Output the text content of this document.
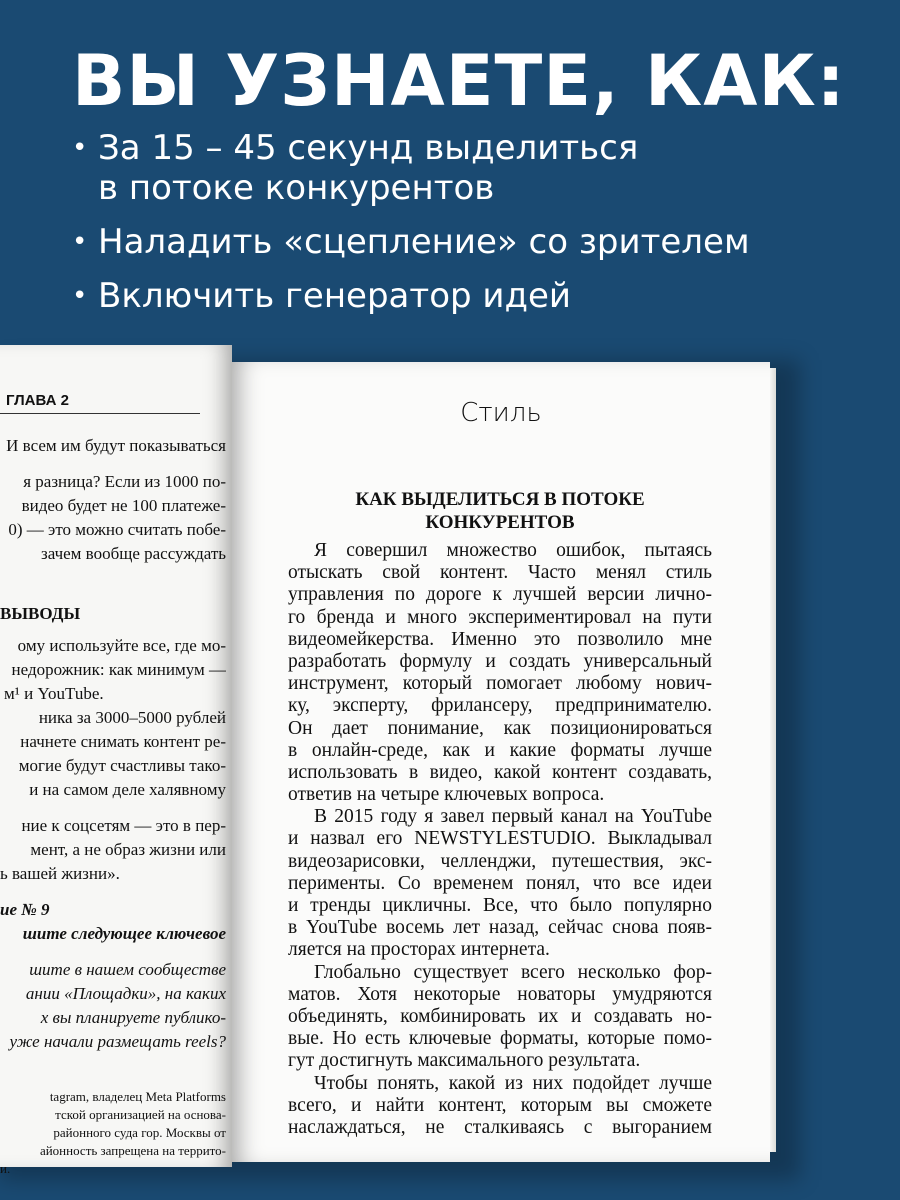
ВЫ УЗНАЕТЕ, КАК:
• За 15 – 45 секунд выделиться
в потоке конкурентов
• Наладить «сцепление» со зрителем
• Включить генератор идей
ГЛАВА 2
И всем им будут показываться
я разница? Если из 1000 по-
видео будет не 100 платеже-
0) — это можно считать побе-
зачем вообще рассуждать
ВЫВОДЫ
ому используйте все, где мо-
недорожник: как минимум —
м¹ и YouTube.
ника за 3000–5000 рублей
начнете снимать контент ре-
могие будут счастливы тако-
и на самом деле халявному
ние к соцсетям — это в пер-
мент, а не образ жизни или
ь вашей жизни».
ие № 9
шите следующее ключевое
шите в нашем сообществе
ании «Площадки», на каких
х вы планируете публико-
уже начали размещать reels?
tagram, владелец Meta Platforms
тской организацией на основа-
районного суда гор. Москвы от
айонность запрещена на террито-
и.
Стиль
КАК ВЫДЕЛИТЬСЯ В ПОТОКЕ
КОНКУРЕНТОВ
Я совершил множество ошибок, пытаясь
отыскать свой контент. Часто менял стиль
управления по дороге к лучшей версии лично-
го бренда и много экспериментировал на пути
видеомейкерства. Именно это позволило мне
разработать формулу и создать универсальный
инструмент, который помогает любому нович-
ку, эксперту, фрилансеру, предпринимателю.
Он дает понимание, как позиционироваться
в онлайн-среде, как и какие форматы лучше
использовать в видео, какой контент создавать,
ответив на четыре ключевых вопроса.
В 2015 году я завел первый канал на YouTube
и назвал его NEWSTYLESTUDIO. Выкладывал
видеозарисовки, челленджи, путешествия, экс-
перименты. Со временем понял, что все идеи
и тренды цикличны. Все, что было популярно
в YouTube восемь лет назад, сейчас снова появ-
ляется на просторах интернета.
Глобально существует всего несколько фор-
матов. Хотя некоторые новаторы умудряются
объединять, комбинировать их и создавать но-
вые. Но есть ключевые форматы, которые помо-
гут достигнуть максимального результата.
Чтобы понять, какой из них подойдет лучше
всего, и найти контент, которым вы сможете
наслаждаться, не сталкиваясь с выгоранием
